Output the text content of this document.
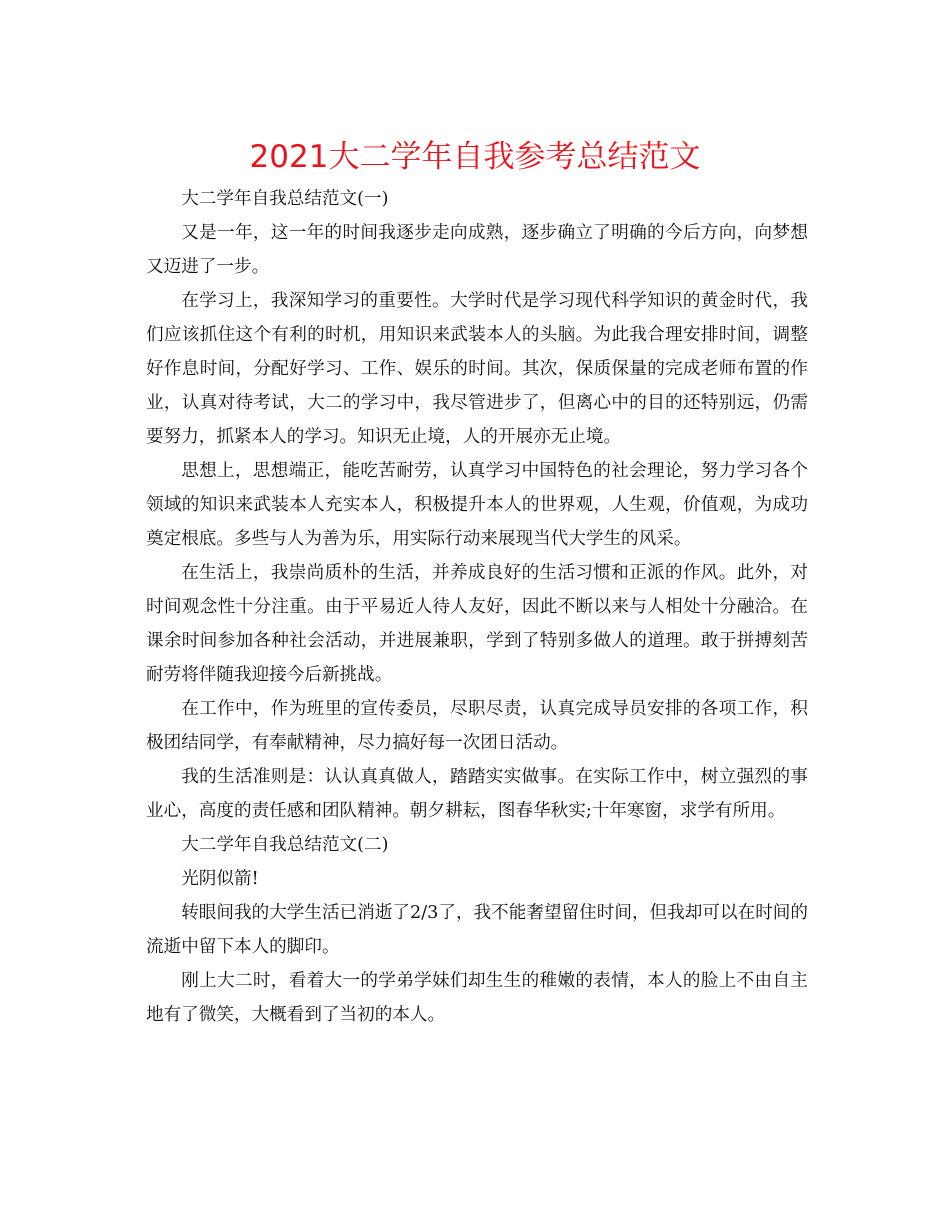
2021大二学年自我参考总结范文

大二学年自我总结范文(一)

又是一年，这一年的时间我逐步走向成熟，逐步确立了明确的今后方向，向梦想又迈进了一步。

在学习上，我深知学习的重要性。大学时代是学习现代科学知识的黄金时代，我们应该抓住这个有利的时机，用知识来武装本人的头脑。为此我合理安排时间，调整好作息时间，分配好学习、工作、娱乐的时间。其次，保质保量的完成老师布置的作业，认真对待考试，大二的学习中，我尽管进步了，但离心中的目的还特别远，仍需要努力，抓紧本人的学习。知识无止境，人的开展亦无止境。

思想上，思想端正，能吃苦耐劳，认真学习中国特色的社会理论，努力学习各个领域的知识来武装本人充实本人，积极提升本人的世界观，人生观，价值观，为成功奠定根底。多些与人为善为乐，用实际行动来展现当代大学生的风采。

在生活上，我崇尚质朴的生活，并养成良好的生活习惯和正派的作风。此外，对时间观念性十分注重。由于平易近人待人友好，因此不断以来与人相处十分融洽。在课余时间参加各种社会活动，并进展兼职，学到了特别多做人的道理。敢于拼搏刻苦耐劳将伴随我迎接今后新挑战。

在工作中，作为班里的宣传委员，尽职尽责，认真完成导员安排的各项工作，积极团结同学，有奉献精神，尽力搞好每一次团日活动。

我的生活准则是：认认真真做人，踏踏实实做事。在实际工作中，树立强烈的事业心，高度的责任感和团队精神。朝夕耕耘，图春华秋实;十年寒窗，求学有所用。

大二学年自我总结范文(二)

光阴似箭!

转眼间我的大学生活已消逝了2/3了，我不能奢望留住时间，但我却可以在时间的流逝中留下本人的脚印。

刚上大二时，看着大一的学弟学妹们却生生的稚嫩的表情，本人的脸上不由自主地有了微笑，大概看到了当初的本人。
